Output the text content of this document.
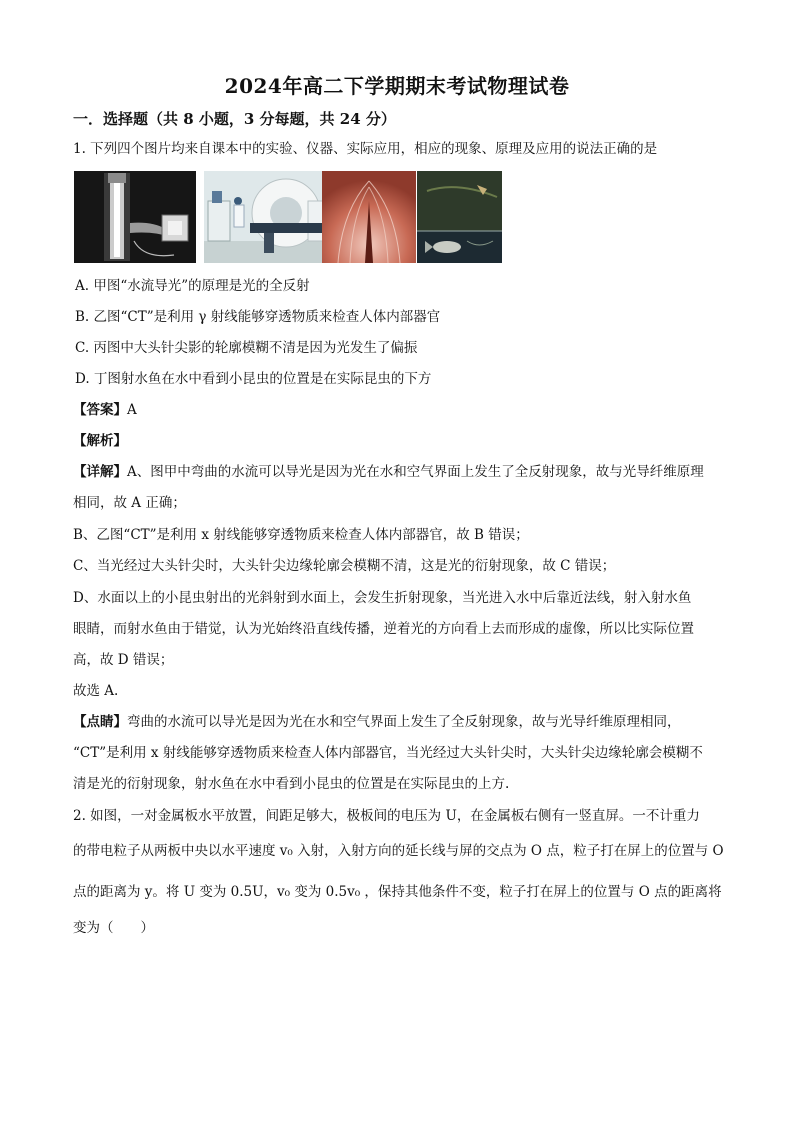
2024年高二下学期期末考试物理试卷
一．选择题（共 8 小题，3 分每题，共 24 分）
1. 下列四个图片均来自课本中的实验、仪器、实际应用，相应的现象、原理及应用的说法正确的是
A. 甲图“水流导光”的原理是光的全反射
B. 乙图“CT”是利用 γ 射线能够穿透物质来检查人体内部器官
C. 丙图中大头针尖影的轮廓模糊不清是因为光发生了偏振
D. 丁图射水鱼在水中看到小昆虫的位置是在实际昆虫的下方
【答案】A
【解析】
【详解】A、图甲中弯曲的水流可以导光是因为光在水和空气界面上发生了全反射现象，故与光导纤维原理
相同，故 A 正确；
B、乙图“CT”是利用 x 射线能够穿透物质来检查人体内部器官，故 B 错误；
C、当光经过大头针尖时，大头针尖边缘轮廓会模糊不清，这是光的衍射现象，故 C 错误；
D、水面以上的小昆虫射出的光斜射到水面上，会发生折射现象，当光进入水中后靠近法线，射入射水鱼
眼睛，而射水鱼由于错觉，认为光始终沿直线传播，逆着光的方向看上去而形成的虚像，所以比实际位置
高，故 D 错误；
故选 A.
【点睛】弯曲的水流可以导光是因为光在水和空气界面上发生了全反射现象，故与光导纤维原理相同，
“CT”是利用 x 射线能够穿透物质来检查人体内部器官，当光经过大头针尖时，大头针尖边缘轮廓会模糊不
清是光的衍射现象，射水鱼在水中看到小昆虫的位置是在实际昆虫的上方.
2. 如图，一对金属板水平放置，间距足够大，极板间的电压为 U，在金属板右侧有一竖直屏。一不计重力
的带电粒子从两板中央以水平速度 v₀ 入射，入射方向的延长线与屏的交点为 O 点，粒子打在屏上的位置与 O
点的距离为 y。将 U 变为 0.5U，v₀ 变为 0.5v₀ ，保持其他条件不变，粒子打在屏上的位置与 O 点的距离将
变为（　　）
